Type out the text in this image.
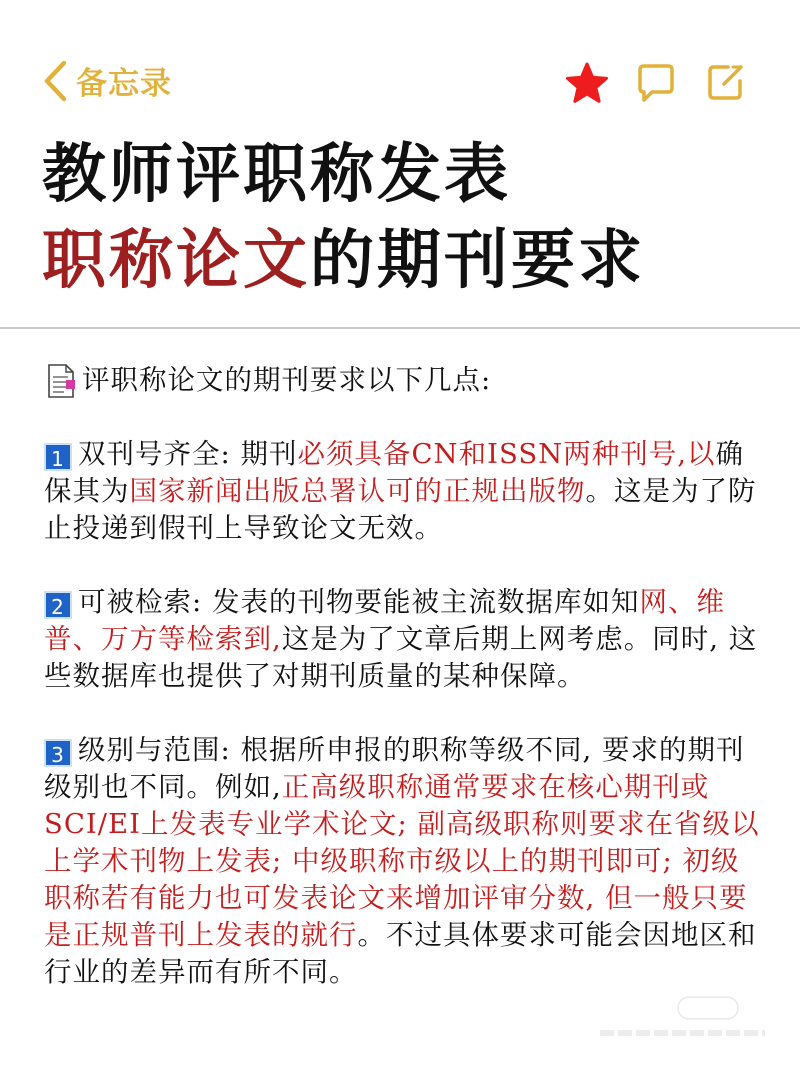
备忘录
教师评职称发表
职称论文的期刊要求

评职称论文的期刊要求以下几点:

1 双刊号齐全: 期刊必须具备CN和ISSN两种刊号,以确保其为国家新闻出版总署认可的正规出版物。这是为了防止投递到假刊上导致论文无效。

2 可被检索: 发表的刊物要能被主流数据库如知网、维普、万方等检索到,这是为了文章后期上网考虑。同时, 这些数据库也提供了对期刊质量的某种保障。

3 级别与范围: 根据所申报的职称等级不同, 要求的期刊级别也不同。例如,正高级职称通常要求在核心期刊或SCI/EI上发表专业学术论文; 副高级职称则要求在省级以上学术刊物上发表; 中级职称市级以上的期刊即可; 初级职称若有能力也可发表论文来增加评审分数, 但一般只要是正规普刊上发表的就行。不过具体要求可能会因地区和行业的差异而有所不同。
